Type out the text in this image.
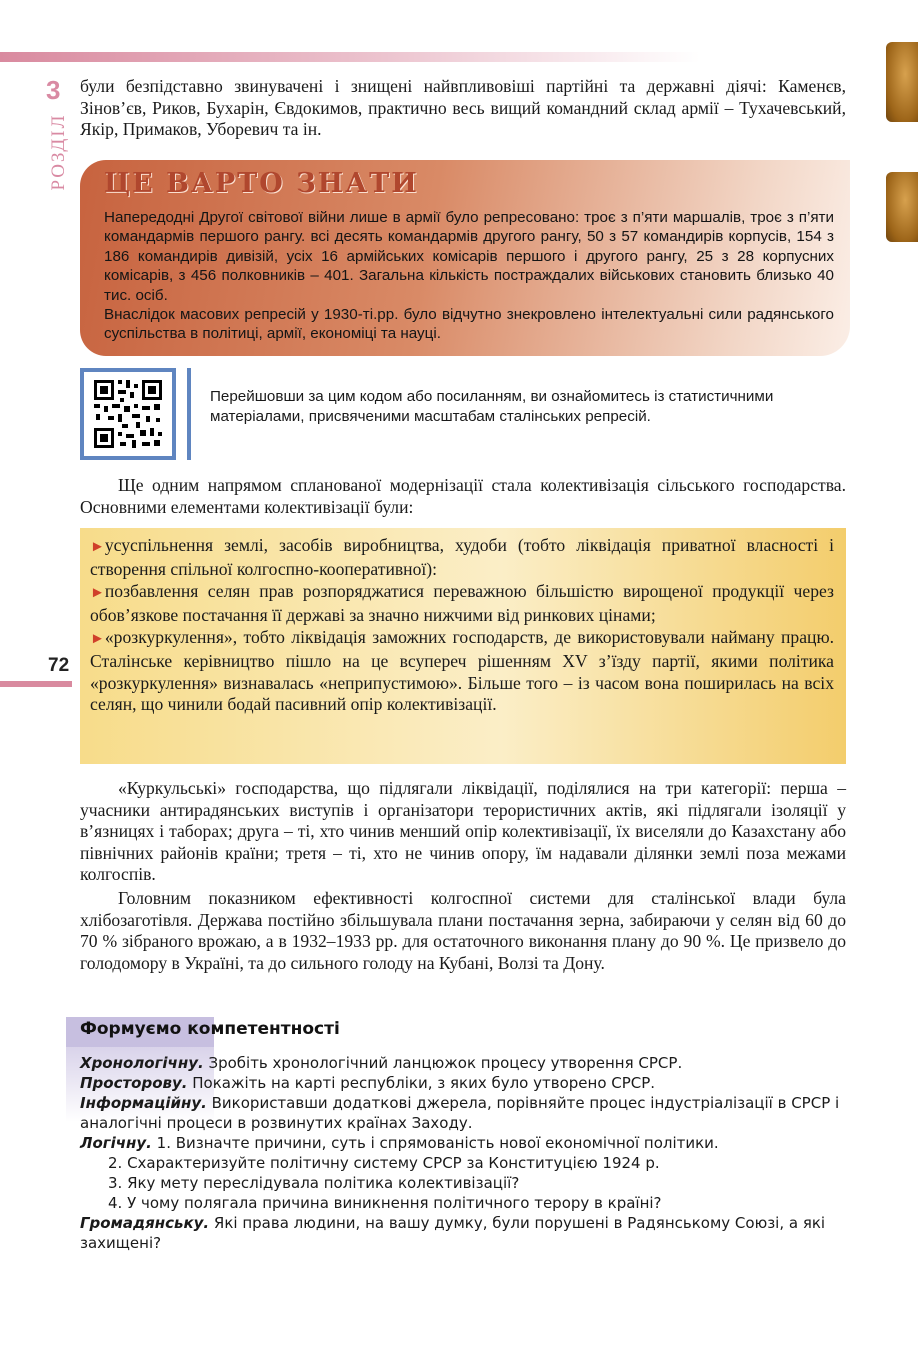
3
РОЗДІЛ
72

були безпідставно звинувачені і знищені найвпливовіші партійні та державні діячі: Каменєв, Зінов’єв, Риков, Бухарін, Євдокимов, практично весь вищий командний склад армії – Тухачевський, Якір, Примаков, Уборевич та ін.

ЦЕ ВАРТО ЗНАТИ

Напередодні Другої світової війни лише в армії було репресовано: троє з п’яти маршалів, троє з п’яти командармів першого рангу. всі десять командармів другого рангу, 50 з 57 командирів корпусів, 154 з 186 командирів дивізій, усіх 16 армійських комісарів першого і другого рангу, 25 з 28 корпусних комісарів, з 456 полковників – 401. Загальна кількість постраждалих військових становить близько 40 тис. осіб.

Внаслідок масових репресій у 1930-ті.рр. було відчутно знекровлено інтелектуальні сили радянського суспільства в політиці, армії, економіці та науці.

Перейшовши за цим кодом або посиланням, ви ознайомитесь із статистичними матеріалами, присвяченими масштабам сталінських репресій.

Ще одним напрямом спланованої модернізації стала колективізація сільського господарства. Основними елементами колективізації були:

►усуспільнення землі, засобів виробництва, худоби (тобто ліквідація приватної власності і створення спільної колгоспно-кооперативної):
►позбавлення селян прав розпоряджатися переважною більшістю вирощеної продукції через обов’язкове постачання її державі за значно нижчими від ринкових цінами;
►«розкуркулення», тобто ліквідація заможних господарств, де використовували найману працю. Сталінське керівництво пішло на це всупереч рішенням XV з’їзду партії, якими політика «розкуркулення» визнавалась «неприпустимою». Більше того – із часом вона поширилась на всіх селян, що чинили бодай пасивний опір колективізації.

«Куркульські» господарства, що підлягали ліквідації, поділялися на три категорії: перша – учасники антирадянських виступів і організатори терористичних актів, які підлягали ізоляції у в’язницях і таборах; друга – ті, хто чинив менший опір колективізації, їх виселяли до Казахстану або північних районів країни; третя – ті, хто не чинив опору, їм надавали ділянки землі поза межами колгоспів.

Головним показником ефективності колгоспної системи для сталінської влади була хлібозаготівля. Держава постійно збільшувала плани постачання зерна, забираючи у селян від 60 до 70 % зібраного врожаю, а в 1932–1933 рр. для остаточного виконання плану до 90 %. Це призвело до голодомору в Україні, та до сильного голоду на Кубані, Волзі та Дону.

Формуємо компетентності

Хронологічну. Зробіть хронологічний ланцюжок процесу утворення СРСР.

Просторову. Покажіть на карті республіки, з яких було утворено СРСР.

Інформаційну. Використавши додаткові джерела, порівняйте процес індустріалізації в СРСР і аналогічні процеси в розвинутих країнах Заходу.

Логічну. 1. Визначте причини, суть і спрямованість нової економічної політики.

2. Схарактеризуйте політичну систему СРСР за Конституцією 1924 р.

3. Яку мету переслідувала політика колективізації?

4. У чому полягала причина виникнення політичного терору в країні?

Громадянську. Які права людини, на вашу думку, були порушені в Радянському Союзі, а які захищені?
